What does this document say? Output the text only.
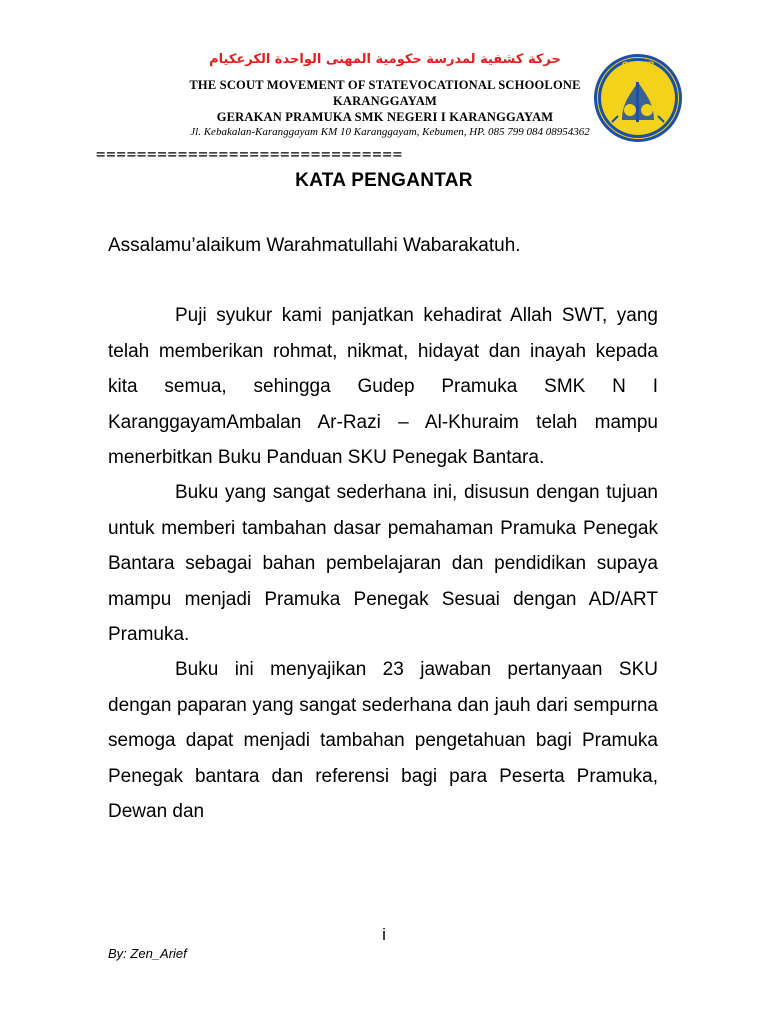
حركة كشفية لمدرسة حكومية المهنى الواحدة الكرعكيام
THE SCOUT MOVEMENT OF STATEVOCATIONAL SCHOOLONE
KARANGGAYAM
GERAKAN PRAMUKA SMK NEGERI I KARANGGAYAM
Jl. Kebakalan-Karanggayam KM 10 Karanggayam, Kebumen, HP. 085 799 084 08954362
GUDEP
==============================
KATA PENGANTAR

Assalamu’alaikum Warahmatullahi Wabarakatuh.

Puji syukur kami panjatkan kehadirat Allah SWT, yang telah memberikan rohmat, nikmat, hidayat dan inayah kepada kita semua, sehingga Gudep Pramuka SMK N I KaranggayamAmbalan Ar-Razi – Al-Khuraim telah mampu menerbitkan Buku Panduan SKU Penegak Bantara.

Buku yang sangat sederhana ini, disusun dengan tujuan untuk memberi tambahan dasar pemahaman Pramuka Penegak Bantara sebagai bahan pembelajaran dan pendidikan supaya mampu menjadi Pramuka Penegak Sesuai dengan AD/ART Pramuka.

Buku ini menyajikan 23 jawaban pertanyaan SKU dengan paparan yang sangat sederhana dan jauh dari sempurna semoga dapat menjadi tambahan pengetahuan bagi Pramuka Penegak bantara dan referensi bagi para Peserta Pramuka, Dewan dan

i
By: Zen_Arief
